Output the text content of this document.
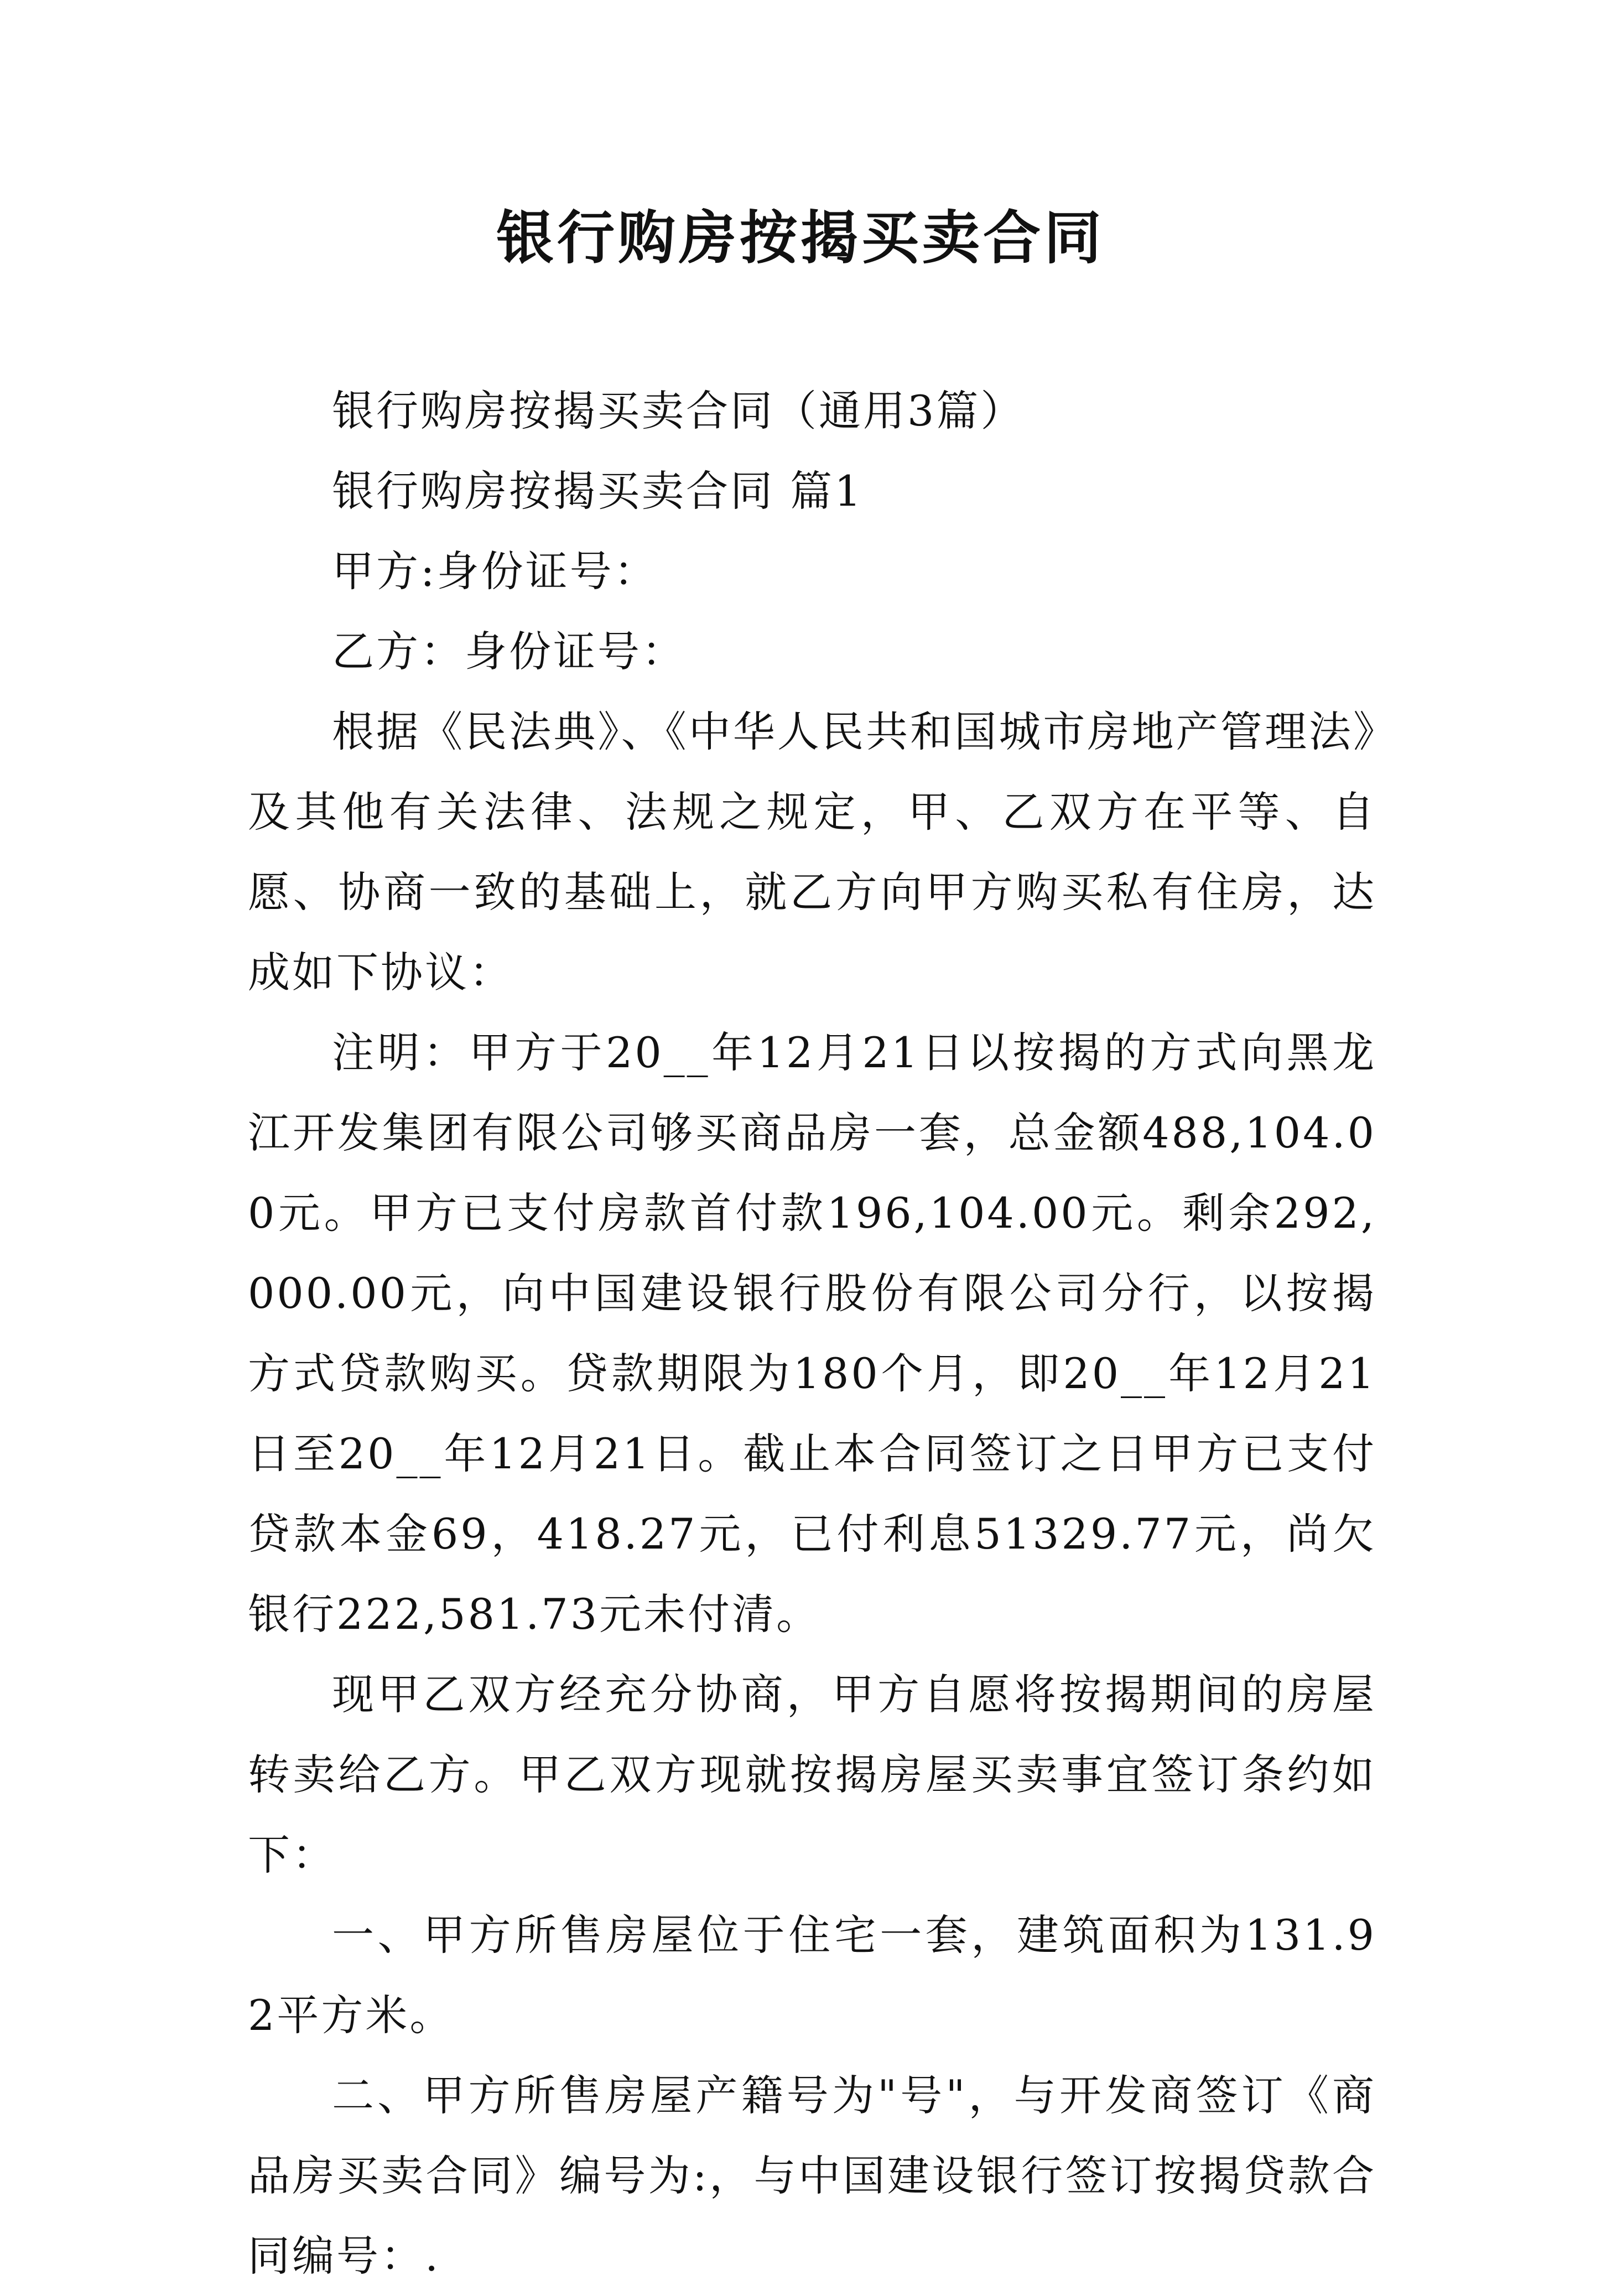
银行购房按揭买卖合同

银行购房按揭买卖合同（通用3篇）

银行购房按揭买卖合同 篇1

甲方:身份证号：

乙方：身份证号：

根据《民法典》、《中华人民共和国城市房地产管理法》及其他有关法律、法规之规定，甲、乙双方在平等、自愿、协商一致的基础上，就乙方向甲方购买私有住房，达成如下协议：

注明：甲方于20__年12月21日以按揭的方式向黑龙江开发集团有限公司够买商品房一套，总金额488,104.00元。甲方已支付房款首付款196,104.00元。剩余292,000.00元，向中国建设银行股份有限公司分行，以按揭方式贷款购买。贷款期限为180个月，即20__年12月21日至20__年12月21日。截止本合同签订之日甲方已支付贷款本金69，418.27元，已付利息51329.77元，尚欠银行222,581.73元未付清。

现甲乙双方经充分协商，甲方自愿将按揭期间的房屋转卖给乙方。甲乙双方现就按揭房屋买卖事宜签订条约如下：

一、甲方所售房屋位于住宅一套，建筑面积为131.92平方米。

二、甲方所售房屋产籍号为"号"，与开发商签订《商品房买卖合同》编号为:，与中国建设银行签订按揭贷款合同编号：.
